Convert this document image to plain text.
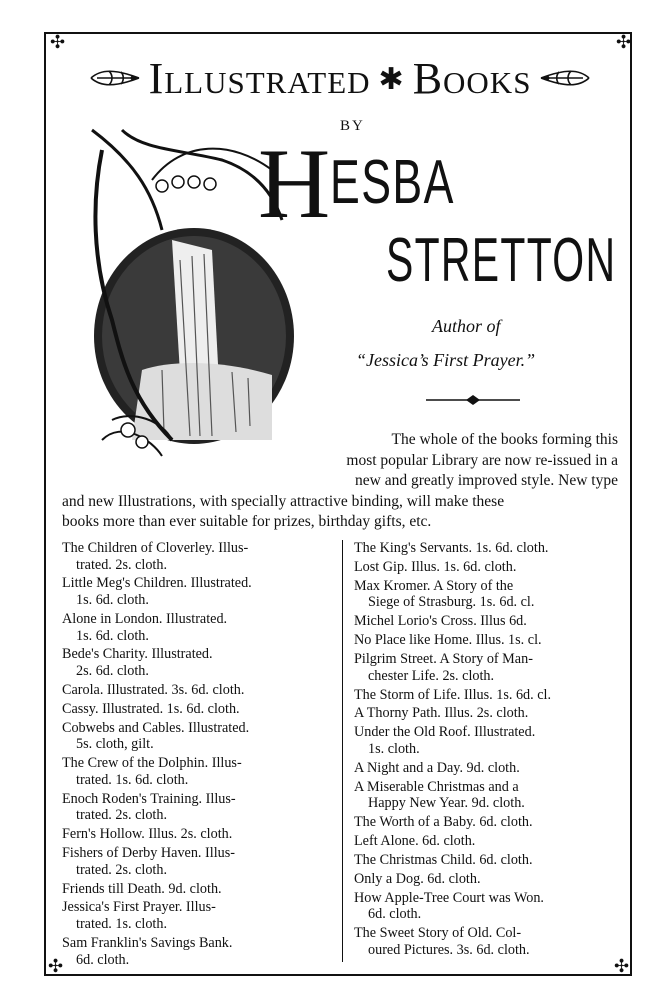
✣	✣
✣	✣
Illustrated ✱ Books
BY
H ESBA
STRETTON
Author of
“Jessica’s First Prayer.”
The whole of the books forming this
most popular Library are now re-issued in a
new and greatly improved style. New type
and new Illustrations, with specially attractive binding, will make these
books more than ever suitable for prizes, birthday gifts, etc.
The Children of Cloverley. Illus-
trated. 2s. cloth.
Little Meg's Children. Illustrated.
1s. 6d. cloth.
Alone in London. Illustrated.
1s. 6d. cloth.
Bede's Charity. Illustrated.
2s. 6d. cloth.
Carola. Illustrated. 3s. 6d. cloth.
Cassy. Illustrated. 1s. 6d. cloth.
Cobwebs and Cables. Illustrated.
5s. cloth, gilt.
The Crew of the Dolphin. Illus-
trated. 1s. 6d. cloth.
Enoch Roden's Training. Illus-
trated. 2s. cloth.
Fern's Hollow. Illus. 2s. cloth.
Fishers of Derby Haven. Illus-
trated. 2s. cloth.
Friends till Death. 9d. cloth.
Jessica's First Prayer. Illus-
trated. 1s. cloth.
Sam Franklin's Savings Bank.
6d. cloth.
The King's Servants. 1s. 6d. cloth.
Lost Gip. Illus. 1s. 6d. cloth.
Max Kromer. A Story of the
Siege of Strasburg. 1s. 6d. cl.
Michel Lorio's Cross. Illus 6d.
No Place like Home. Illus. 1s. cl.
Pilgrim Street. A Story of Man-
chester Life. 2s. cloth.
The Storm of Life. Illus. 1s. 6d. cl.
A Thorny Path. Illus. 2s. cloth.
Under the Old Roof. Illustrated.
1s. cloth.
A Night and a Day. 9d. cloth.
A Miserable Christmas and a
Happy New Year. 9d. cloth.
The Worth of a Baby. 6d. cloth.
Left Alone. 6d. cloth.
The Christmas Child. 6d. cloth.
Only a Dog. 6d. cloth.
How Apple-Tree Court was Won.
6d. cloth.
The Sweet Story of Old. Col-
oured Pictures. 3s. 6d. cloth.
